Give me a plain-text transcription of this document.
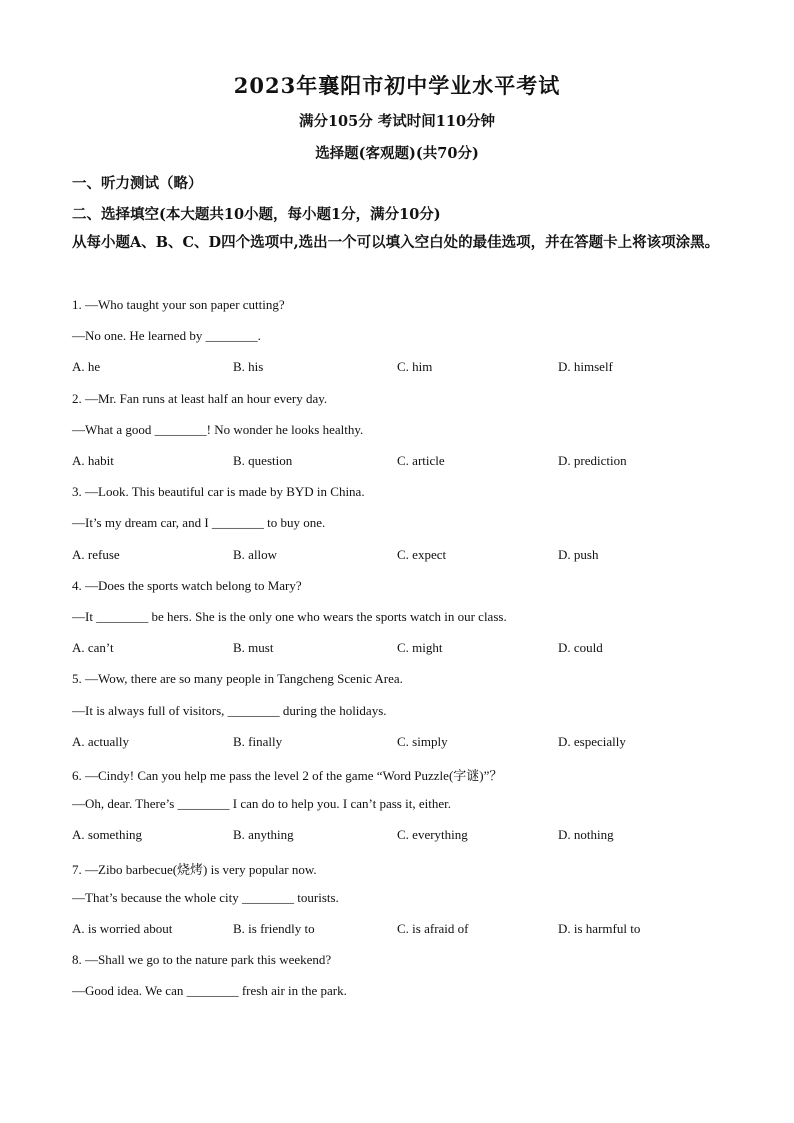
2023年襄阳市初中学业水平考试
满分105分 考试时间110分钟
选择题(客观题)(共70分)
一、听力测试（略）
二、选择填空(本大题共10小题，每小题1分，满分10分)
从每小题A、B、C、D四个选项中,选出一个可以填入空白处的最佳选项，并在答题卡上将该项涂黑。
1. —Who taught your son paper cutting?
—No one. He learned by ________.
A. he	B. his	C. him	D. himself
2. —Mr. Fan runs at least half an hour every day.
—What a good ________! No wonder he looks healthy.
A. habit	B. question	C. article	D. prediction
3. —Look. This beautiful car is made by BYD in China.
—It’s my dream car, and I ________ to buy one.
A. refuse	B. allow	C. expect	D. push
4. —Does the sports watch belong to Mary?
—It ________ be hers. She is the only one who wears the sports watch in our class.
A. can’t	B. must	C. might	D. could
5. —Wow, there are so many people in Tangcheng Scenic Area.
—It is always full of visitors, ________ during the holidays.
A. actually	B. finally	C. simply	D. especially
6. —Cindy! Can you help me pass the level 2 of the game “Word Puzzle(字谜)”？
—Oh, dear. There’s ________ I can do to help you. I can’t pass it, either.
A. something	B. anything	C. everything	D. nothing
7. —Zibo barbecue(烧烤) is very popular now.
—That’s because the whole city ________ tourists.
A. is worried about	B. is friendly to	C. is afraid of	D. is harmful to
8. —Shall we go to the nature park this weekend?
—Good idea. We can ________ fresh air in the park.
